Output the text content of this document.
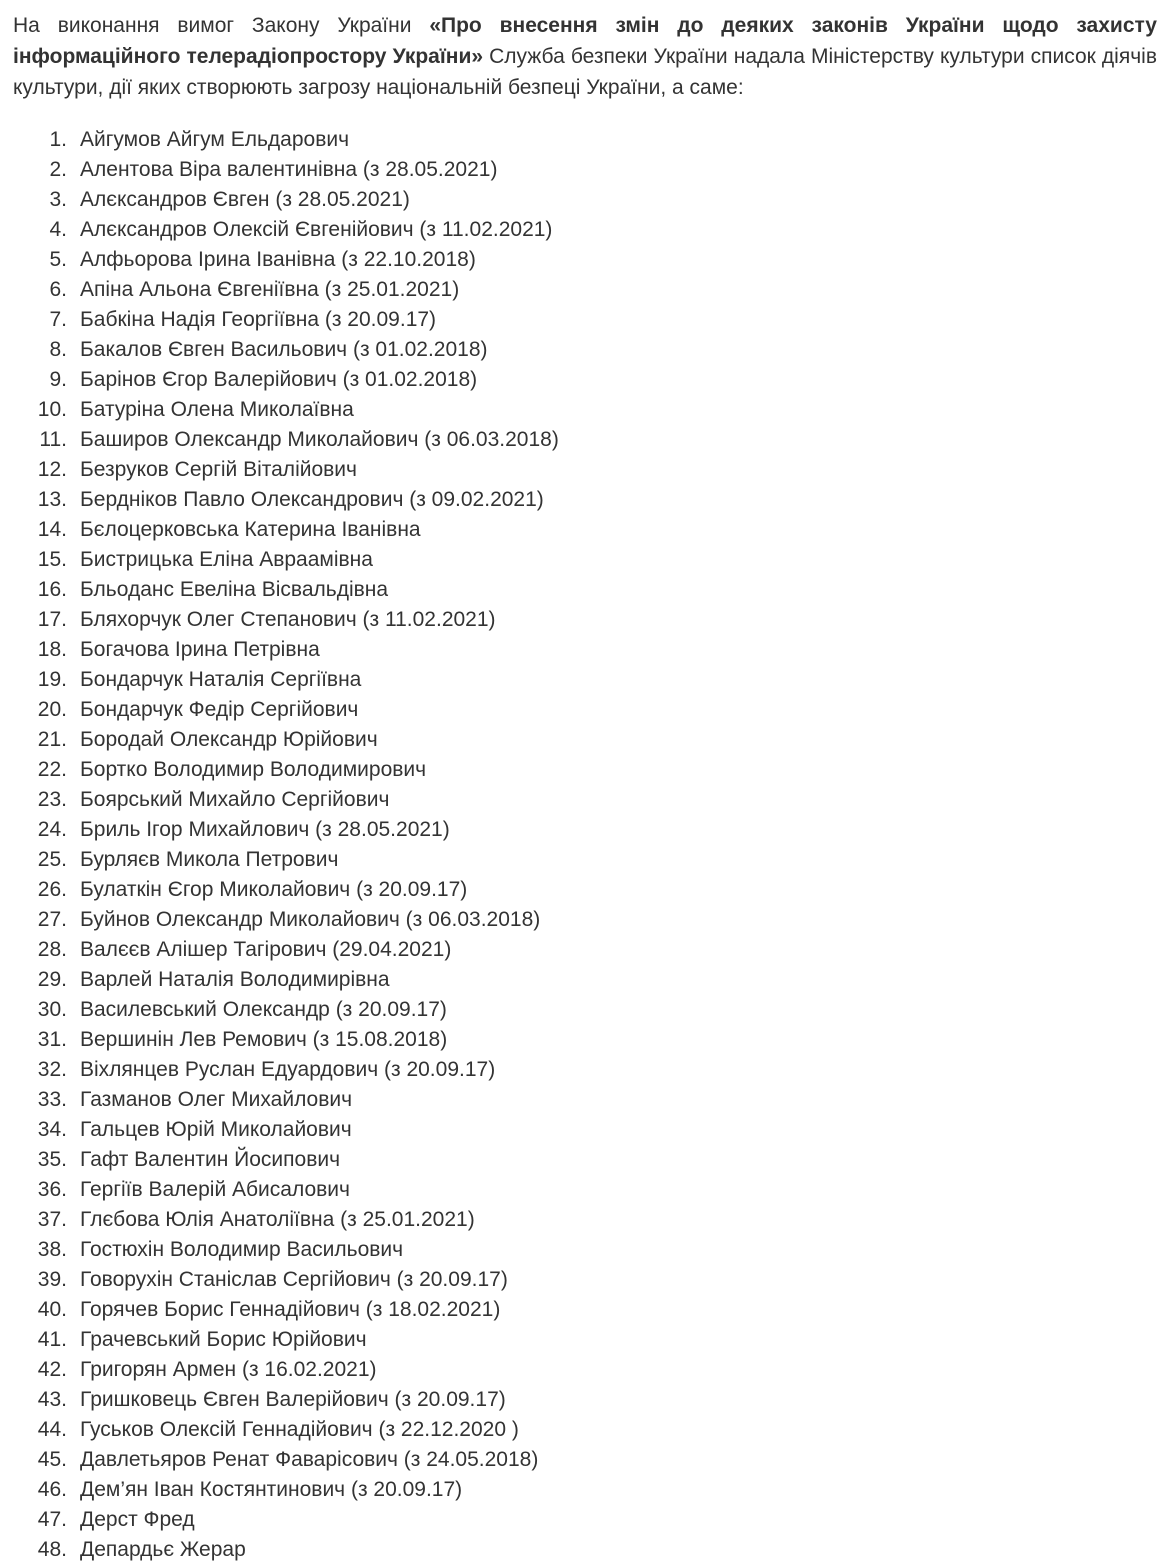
На виконання вимог Закону України «Про внесення змін до деяких законів України щодо захисту інформаційного телерадіопростору України» Служба безпеки України надала Міністерству культури список діячів культури, дії яких створюють загрозу національній безпеці України, а саме:

1. Айгумов Айгум Ельдарович
2. Алентова Віра валентинівна (з 28.05.2021)
3. Алєксандров Євген (з 28.05.2021)
4. Алєксандров Олексій Євгенійович (з 11.02.2021)
5. Алфьорова Ірина Іванівна (з 22.10.2018)
6. Апіна Альона Євгеніївна (з 25.01.2021)
7. Бабкіна Надія Георгіївна (з 20.09.17)
8. Бакалов Євген Васильович (з 01.02.2018)
9. Барінов Єгор Валерійович (з 01.02.2018)
10. Батуріна Олена Миколаївна
11. Баширов Олександр Миколайович (з 06.03.2018)
12. Безруков Сергій Віталійович
13. Бердніков Павло Олександрович (з 09.02.2021)
14. Бєлоцерковська Катерина Іванівна
15. Бистрицька Еліна Авраамівна
16. Бльоданс Евеліна Вісвальдівна
17. Бляхорчук Олег Степанович (з 11.02.2021)
18. Богачова Ірина Петрівна
19. Бондарчук Наталія Сергіївна
20. Бондарчук Федір Сергійович
21. Бородай Олександр Юрійович
22. Бортко Володимир Володимирович
23. Боярський Михайло Сергійович
24. Бриль Ігор Михайлович (з 28.05.2021)
25. Бурляєв Микола Петрович
26. Булаткін Єгор Миколайович (з 20.09.17)
27. Буйнов Олександр Миколайович (з 06.03.2018)
28. Валєєв Алішер Тагірович (29.04.2021)
29. Варлей Наталія Володимирівна
30. Василевський Олександр (з 20.09.17)
31. Вершинін Лев Ремович (з 15.08.2018)
32. Віхлянцев Руслан Едуардович (з 20.09.17)
33. Газманов Олег Михайлович
34. Гальцев Юрій Миколайович
35. Гафт Валентин Йосипович
36. Гергіїв Валерій Абисалович
37. Глєбова Юлія Анатоліївна (з 25.01.2021)
38. Гостюхін Володимир Васильович
39. Говорухін Станіслав Сергійович (з 20.09.17)
40. Горячев Борис Геннадійович (з 18.02.2021)
41. Грачевський Борис Юрійович
42. Григорян Армен (з 16.02.2021)
43. Гришковець Євген Валерійович (з 20.09.17)
44. Гуськов Олексій Геннадійович (з 22.12.2020 )
45. Давлетьяров Ренат Фаварісович (з 24.05.2018)
46. Дем’ян Іван Костянтинович (з 20.09.17)
47. Дерст Фред
48. Депардьє Жерар
